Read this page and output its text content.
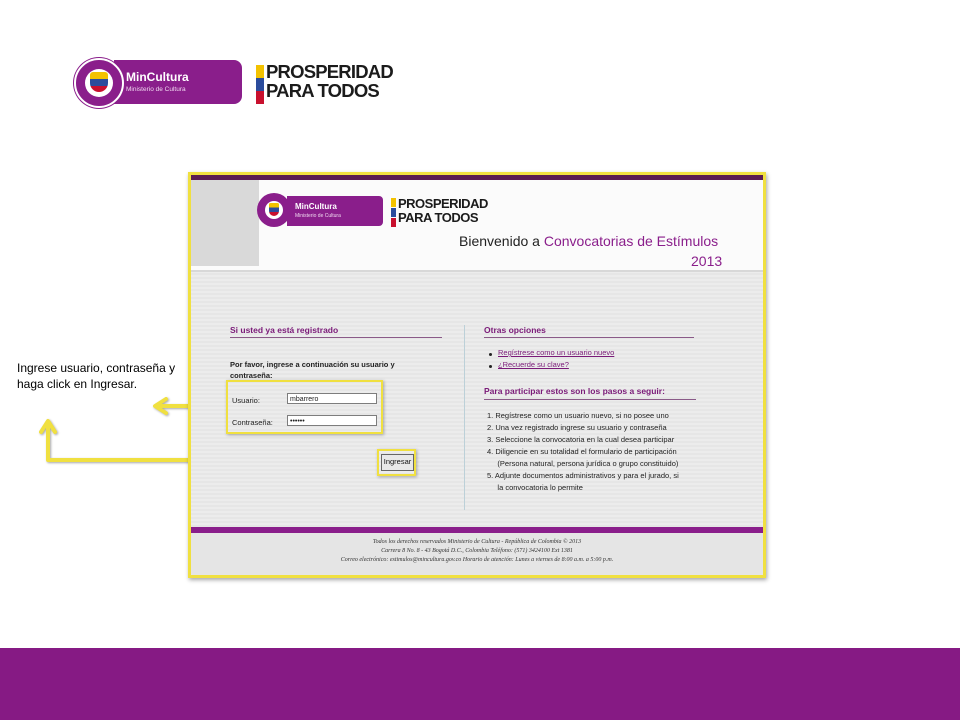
MinCultura
Ministerio de Cultura
PROSPERIDAD
PARA TODOS
Ingrese usuario, contraseña y haga click en Ingresar.
MinCultura
Ministerio de Cultura
PROSPERIDAD
PARA TODOS
Bienvenido a Convocatorias de Estímulos
2013
Si usted ya está registrado
Por favor, ingrese a continuación su usuario y contraseña:
Usuario:	mbarrero
Contraseña:	••••••
Ingresar
Otras opciones
Regístrese como un usuario nuevo
¿Recuerde su clave?
Para participar estos son los pasos a seguir:
1. Regístrese como un usuario nuevo, si no posee uno
2. Una vez registrado ingrese su usuario y contraseña
3. Seleccione la convocatoria en la cual desea participar
4. Diligencie en su totalidad el formulario de participación
(Persona natural, persona jurídica o grupo constituido)
5. Adjunte documentos administrativos y para el jurado, si
la convocatoria lo permite
Todos los derechos reservados Ministerio de Cultura - República de Colombia © 2013
Carrera 8 No. 8 - 43 Bogotá D.C., Colombia Teléfono: (571) 3424100 Ext 1381
Correo electrónico: estimulos@mincultura.gov.co Horario de atención: Lunes a viernes de 8:00 a.m. a 5:00 p.m.
